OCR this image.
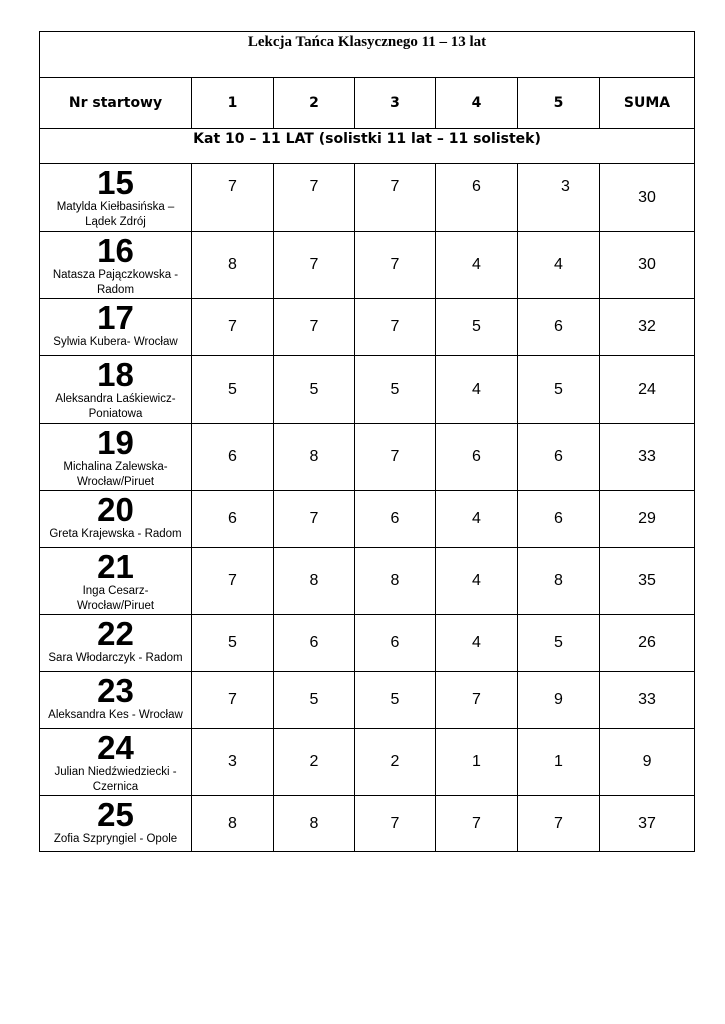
Lekcja Tańca Klasycznego 11 – 13 lat						
Nr startowy	1	2	3	4	5	SUMA
Kat 10 – 11 LAT (solistki 11 lat – 11 solistek)						

15
Matylda Kiełbasińska – Lądek Zdrój	7	7	7	6	3	30

16
Natasza Pajączkowska - Radom	8	7	7	4	4	30

17
Sylwia Kubera- Wrocław	7	7	7	5	6	32

18
Aleksandra Laśkiewicz-Poniatowa	5	5	5	4	5	24

19
Michalina Zalewska-Wrocław/Piruet	6	8	7	6	6	33

20
Greta Krajewska - Radom	6	7	6	4	6	29

21
Inga Cesarz-Wrocław/Piruet	7	8	8	4	8	35

22
Sara Włodarczyk - Radom	5	6	6	4	5	26

23
Aleksandra Kes - Wrocław	7	5	5	7	9	33

24
Julian Niedźwiedziecki - Czernica	3	2	2	1	1	9

25
Zofia Szpryngiel - Opole	8	8	7	7	7	37
